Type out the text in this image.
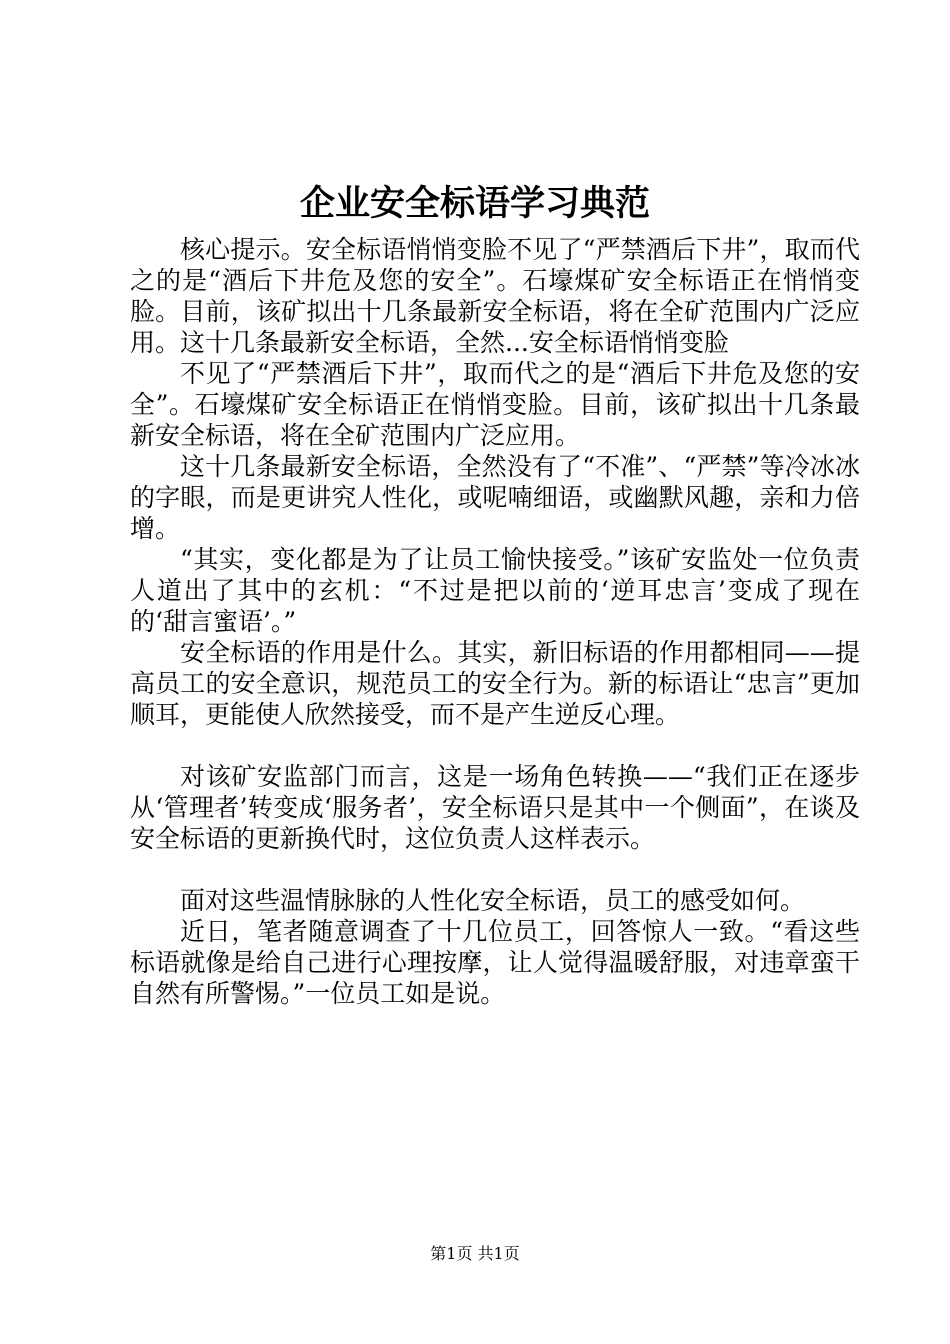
企业安全标语学习典范

核心提示。安全标语悄悄变脸不见了“严禁酒后下井”，取而代之的是“酒后下井危及您的安全”。石壕煤矿安全标语正在悄悄变脸。目前，该矿拟出十几条最新安全标语，将在全矿范围内广泛应用。这十几条最新安全标语，全然...安全标语悄悄变脸

不见了“严禁酒后下井”，取而代之的是“酒后下井危及您的安全”。石壕煤矿安全标语正在悄悄变脸。目前，该矿拟出十几条最新安全标语，将在全矿范围内广泛应用。

这十几条最新安全标语，全然没有了“不准”、“严禁”等冷冰冰的字眼，而是更讲究人性化，或呢喃细语，或幽默风趣，亲和力倍增。

“其实，变化都是为了让员工愉快接受。”该矿安监处一位负责人道出了其中的玄机：“不过是把以前的‘逆耳忠言’变成了现在的‘甜言蜜语’。”

安全标语的作用是什么。其实，新旧标语的作用都相同——提高员工的安全意识，规范员工的安全行为。新的标语让“忠言”更加顺耳，更能使人欣然接受，而不是产生逆反心理。

对该矿安监部门而言，这是一场角色转换——“我们正在逐步从‘管理者’转变成‘服务者’，安全标语只是其中一个侧面”，在谈及安全标语的更新换代时，这位负责人这样表示。

面对这些温情脉脉的人性化安全标语，员工的感受如何。

近日，笔者随意调查了十几位员工，回答惊人一致。“看这些标语就像是给自己进行心理按摩，让人觉得温暖舒服，对违章蛮干自然有所警惕。”一位员工如是说。

第1页 共1页
